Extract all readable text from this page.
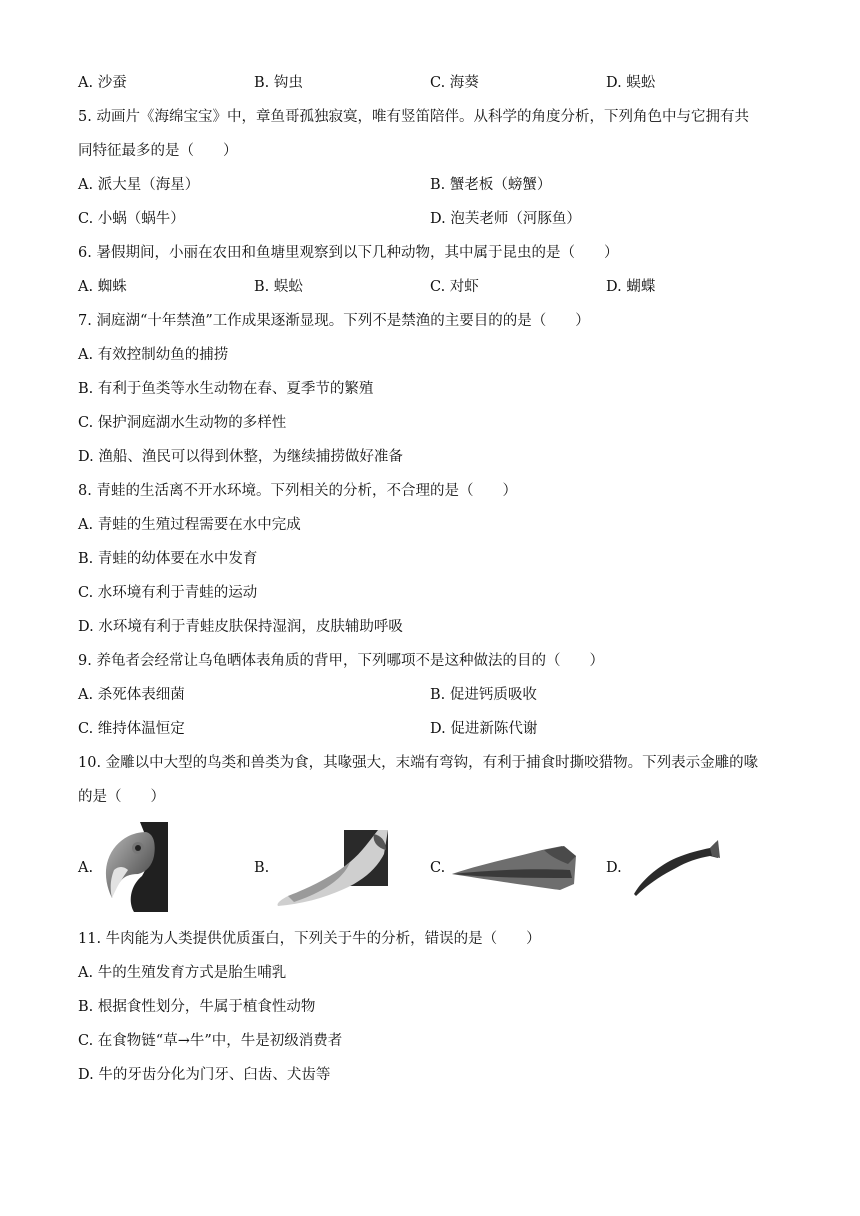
A. 沙蚕	B. 钩虫	C. 海葵	D. 蜈蚣
5. 动画片《海绵宝宝》中，章鱼哥孤独寂寞，唯有竖笛陪伴。从科学的角度分析，下列角色中与它拥有共
同特征最多的是（　　）
A. 派大星（海星）	B. 蟹老板（螃蟹）
C. 小蜗（蜗牛）	D. 泡芙老师（河豚鱼）
6. 暑假期间，小丽在农田和鱼塘里观察到以下几种动物，其中属于昆虫的是（　　）
A. 蜘蛛	B. 蜈蚣	C. 对虾	D. 蝴蝶
7. 洞庭湖“十年禁渔”工作成果逐渐显现。下列不是禁渔的主要目的的是（　　）
A. 有效控制幼鱼的捕捞
B. 有利于鱼类等水生动物在春、夏季节的繁殖
C. 保护洞庭湖水生动物的多样性
D. 渔船、渔民可以得到休整，为继续捕捞做好准备
8. 青蛙的生活离不开水环境。下列相关的分析，不合理的是（　　）
A. 青蛙的生殖过程需要在水中完成
B. 青蛙的幼体要在水中发育
C. 水环境有利于青蛙的运动
D. 水环境有利于青蛙皮肤保持湿润，皮肤辅助呼吸
9. 养龟者会经常让乌龟晒体表角质的背甲，下列哪项不是这种做法的目的（　　）
A. 杀死体表细菌	B. 促进钙质吸收
C. 维持体温恒定	D. 促进新陈代谢
10. 金雕以中大型的鸟类和兽类为食，其喙强大，末端有弯钩，有利于捕食时撕咬猎物。下列表示金雕的喙
的是（　　）
A.	B.	C.	D.
11. 牛肉能为人类提供优质蛋白，下列关于牛的分析，错误的是（　　）
A. 牛的生殖发育方式是胎生哺乳
B. 根据食性划分，牛属于植食性动物
C. 在食物链“草→牛”中，牛是初级消费者
D. 牛的牙齿分化为门牙、臼齿、犬齿等
